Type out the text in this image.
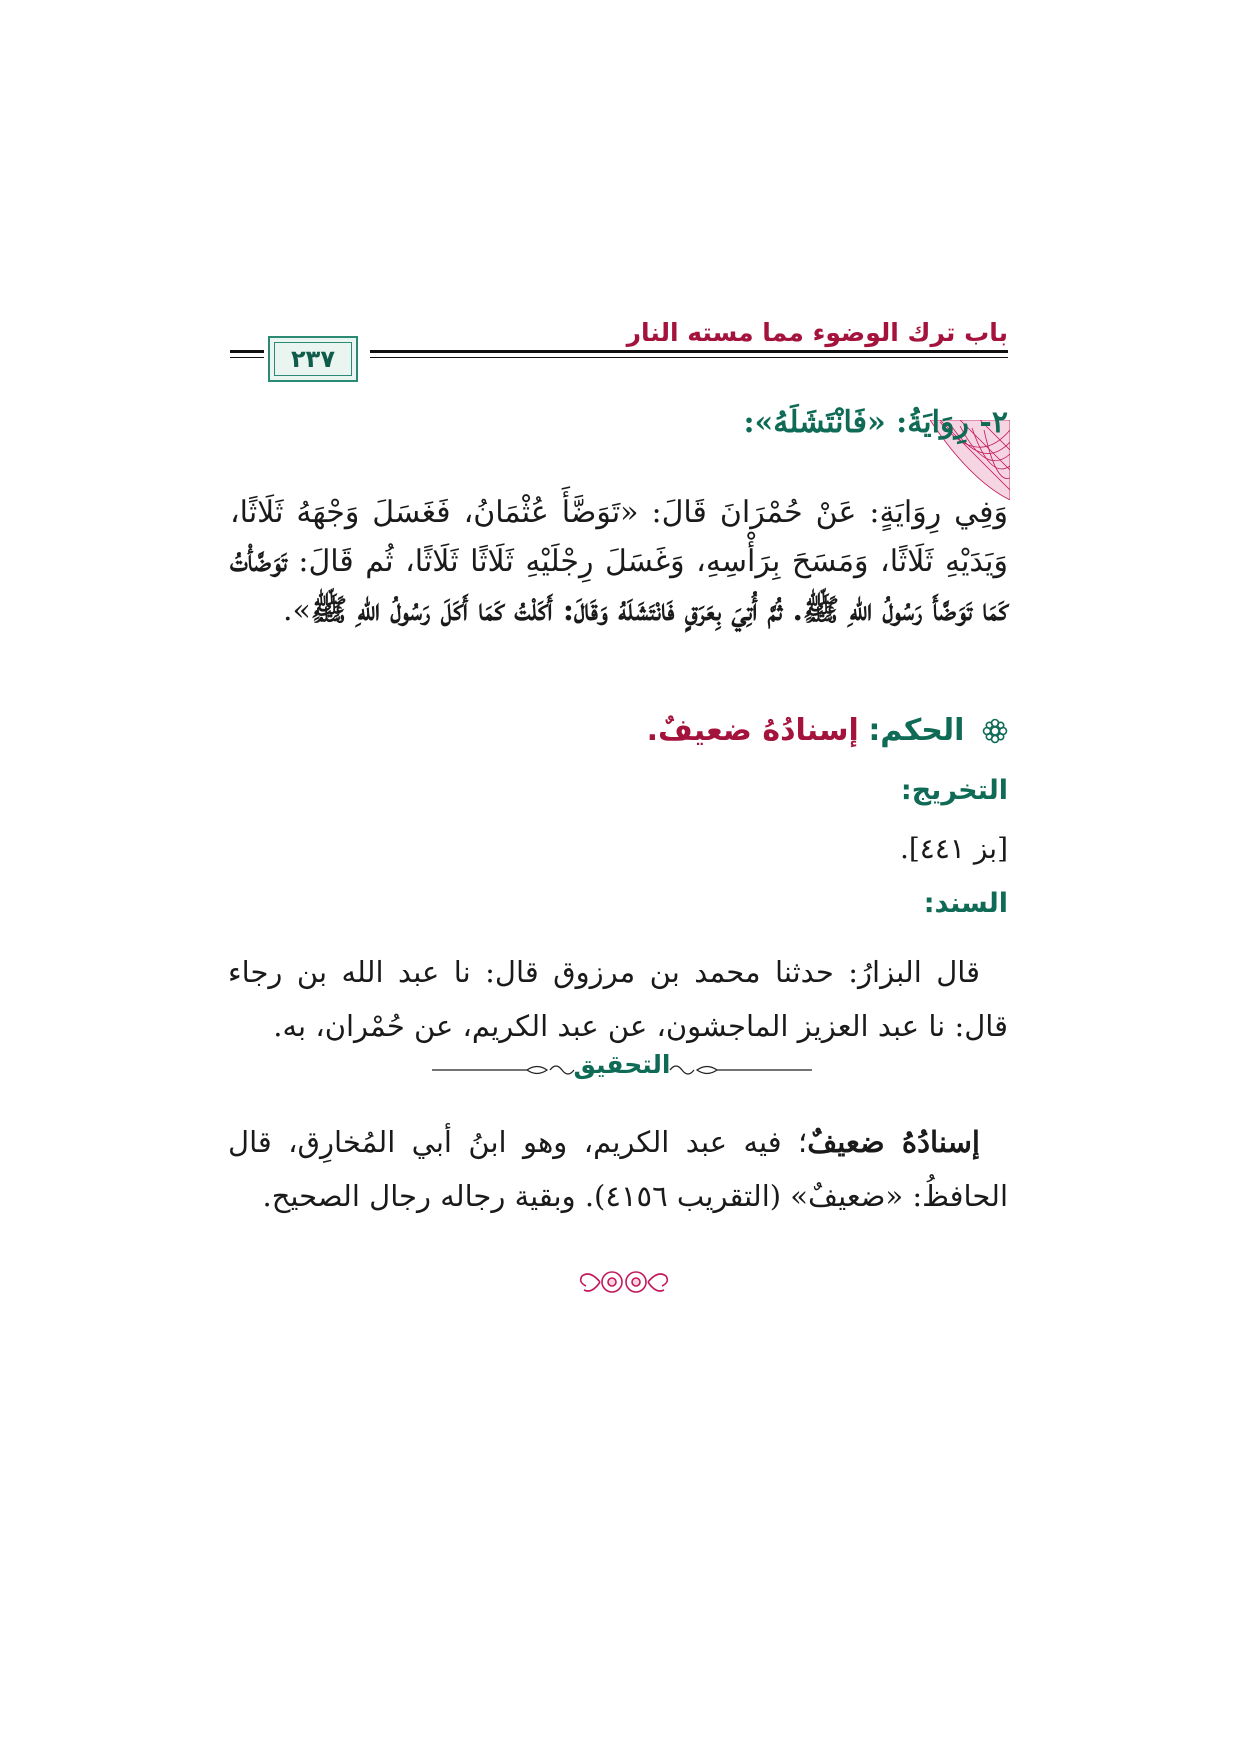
باب ترك الوضوء مما مسته النار
٢٣٧
٢- رِوَايَةُ: «فَانْتَشَلَهُ»:
وَفِي رِوَايَةٍ: عَنْ حُمْرَانَ قَالَ: «تَوَضَّأَ عُثْمَانُ، فَغَسَلَ وَجْهَهُ ثَلَاثًا، وَيَدَيْهِ ثَلَاثًا، وَمَسَحَ بِرَأْسِهِ، وَغَسَلَ رِجْلَيْهِ ثَلَاثًا ثَلَاثًا، ثُم قَالَ: تَوَضَّأْتُ كَمَا تَوَضَّأَ رَسُولُ اللهِ ﷺ. ثُمَّ أُتِيَ بِعَرَقٍ فَانْتَشَلَهُ وَقَالَ: أَكَلْتُ كَمَا أَكَلَ رَسُولُ اللهِ ﷺ».
الحكم: إسنادُهُ ضعيفٌ.
التخريج:
[بز ٤٤١].
السند:
قال البزارُ: حدثنا محمد بن مرزوق قال: نا عبد الله بن رجاء قال: نا عبد العزيز الماجشون، عن عبد الكريم، عن حُمْران، به.
التحقيق
إسنادُهُ ضعيفٌ؛ فيه عبد الكريم، وهو ابنُ أبي المُخارِق، قال الحافظُ: «ضعيفٌ» (التقريب ٤١٥٦). وبقية رجاله رجال الصحيح.
